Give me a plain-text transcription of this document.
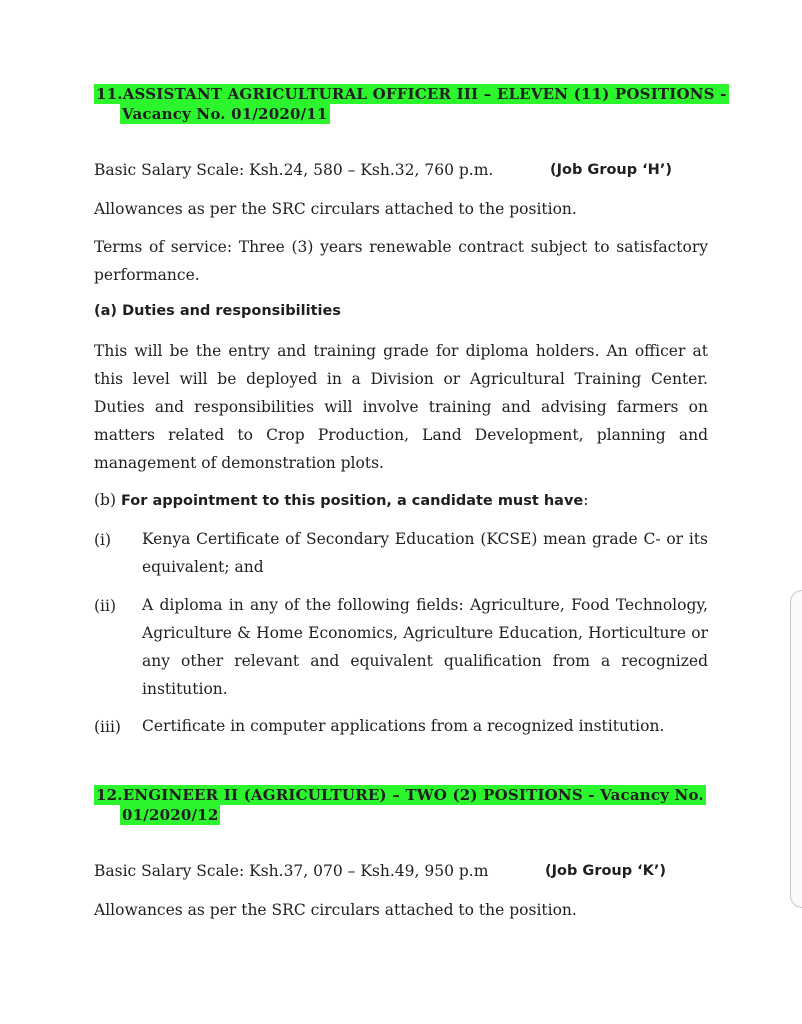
11.ASSISTANT AGRICULTURAL OFFICER III – ELEVEN (11) POSITIONS -
Vacancy No. 01/2020/11
Basic Salary Scale: Ksh.24, 580 – Ksh.32, 760 p.m.	(Job Group ‘H’)
Allowances as per the SRC circulars attached to the position.
Terms of service: Three (3) years renewable contract subject to satisfactory performance.
(a) Duties and responsibilities
This will be the entry and training grade for diploma holders. An officer at this level will be deployed in a Division or Agricultural Training Center. Duties and responsibilities will involve training and advising farmers on matters related to Crop Production, Land Development, planning and management of demonstration plots.
(b) For appointment to this position, a candidate must have:
(i) Kenya Certificate of Secondary Education (KCSE) mean grade C- or its equivalent; and
(ii) A diploma in any of the following fields: Agriculture, Food Technology, Agriculture & Home Economics, Agriculture Education, Horticulture or any other relevant and equivalent qualification from a recognized institution.
(iii) Certificate in computer applications from a recognized institution.
12.ENGINEER II (AGRICULTURE) – TWO (2) POSITIONS - Vacancy No.
01/2020/12
Basic Salary Scale: Ksh.37, 070 – Ksh.49, 950 p.m	(Job Group ‘K’)
Allowances as per the SRC circulars attached to the position.
